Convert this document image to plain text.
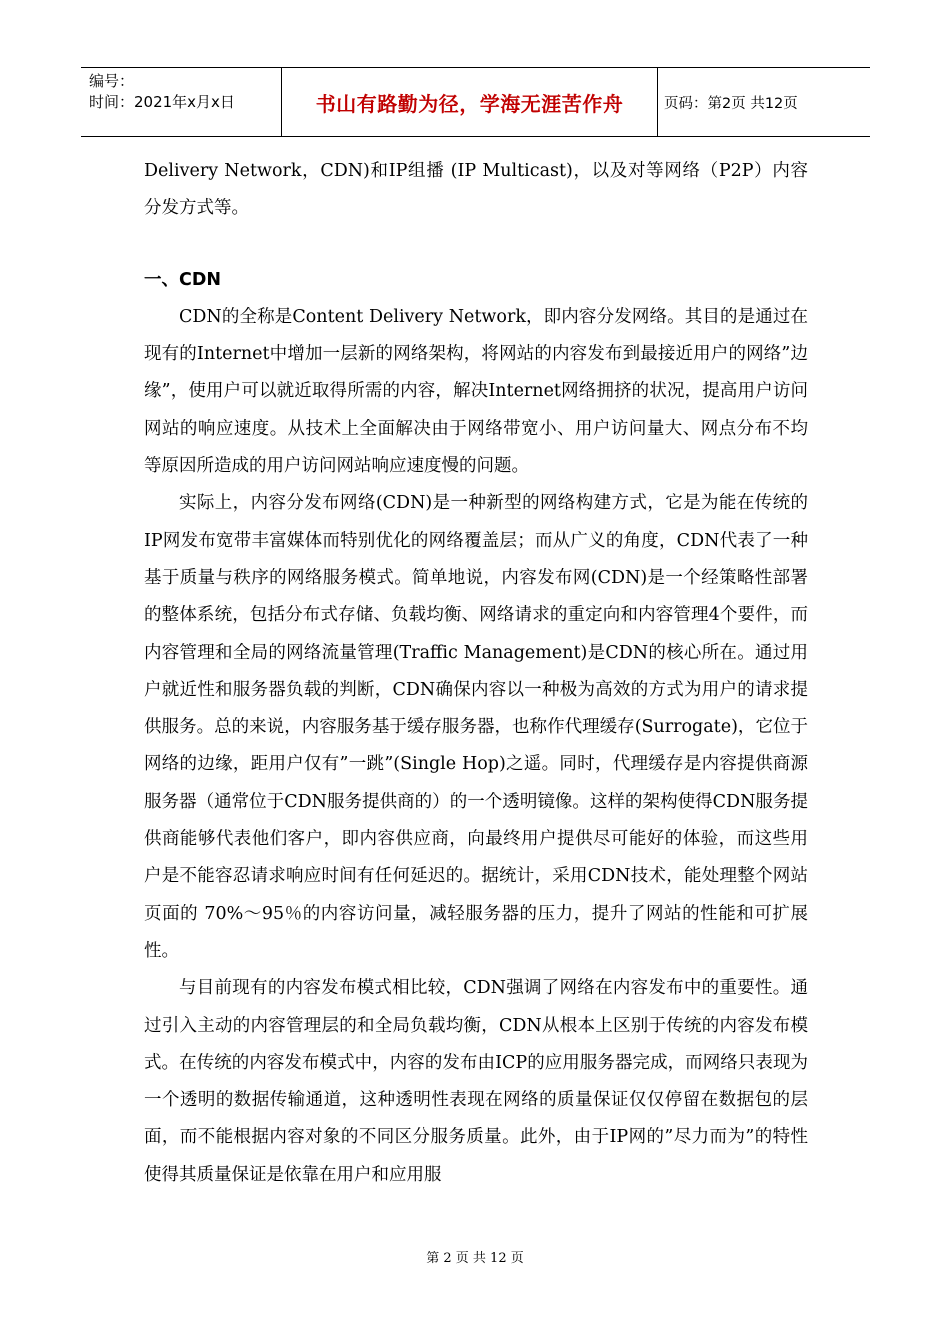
编号：
时间：2021年x月x日	书山有路勤为径，学海无涯苦作舟	页码：第2页 共12页

Delivery Network，CDN)和IP组播 (IP Multicast)，以及对等网络（P2P）内容分发方式等。

一、CDN

CDN的全称是Content Delivery Network，即内容分发网络。其目的是通过在现有的Internet中增加一层新的网络架构，将网站的内容发布到最接近用户的网络”边缘”，使用户可以就近取得所需的内容，解决Internet网络拥挤的状况，提高用户访问网站的响应速度。从技术上全面解决由于网络带宽小、用户访问量大、网点分布不均等原因所造成的用户访问网站响应速度慢的问题。

实际上，内容分发布网络(CDN)是一种新型的网络构建方式，它是为能在传统的IP网发布宽带丰富媒体而特别优化的网络覆盖层；而从广义的角度，CDN代表了一种基于质量与秩序的网络服务模式。简单地说，内容发布网(CDN)是一个经策略性部署的整体系统，包括分布式存储、负载均衡、网络请求的重定向和内容管理4个要件，而内容管理和全局的网络流量管理(Traffic Management)是CDN的核心所在。通过用户就近性和服务器负载的判断，CDN确保内容以一种极为高效的方式为用户的请求提供服务。总的来说，内容服务基于缓存服务器，也称作代理缓存(Surrogate)，它位于网络的边缘，距用户仅有”一跳”(Single Hop)之遥。同时，代理缓存是内容提供商源服务器（通常位于CDN服务提供商的）的一个透明镜像。这样的架构使得CDN服务提供商能够代表他们客户，即内容供应商，向最终用户提供尽可能好的体验，而这些用户是不能容忍请求响应时间有任何延迟的。据统计，采用CDN技术，能处理整个网站页面的 70%～95％的内容访问量，减轻服务器的压力，提升了网站的性能和可扩展性。

与目前现有的内容发布模式相比较，CDN强调了网络在内容发布中的重要性。通过引入主动的内容管理层的和全局负载均衡，CDN从根本上区别于传统的内容发布模式。在传统的内容发布模式中，内容的发布由ICP的应用服务器完成，而网络只表现为一个透明的数据传输通道，这种透明性表现在网络的质量保证仅仅停留在数据包的层面，而不能根据内容对象的不同区分服务质量。此外，由于IP网的”尽力而为”的特性使得其质量保证是依靠在用户和应用服

第 2 页 共 12 页
